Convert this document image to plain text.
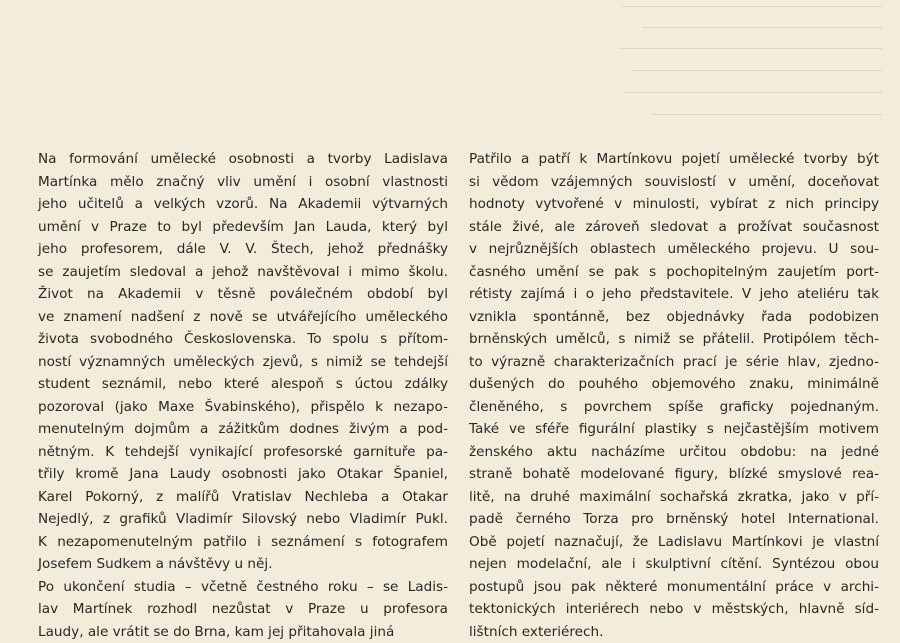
Na formování umělecké osobnosti a tvorby Ladislava
Martínka mělo značný vliv umění i osobní vlastnosti
jeho učitelů a velkých vzorů. Na Akademii výtvarných
umění v Praze to byl především Jan Lauda, který byl
jeho profesorem, dále V. V. Štech, jehož přednášky
se zaujetím sledoval a jehož navštěvoval i mimo školu.
Život na Akademii v těsně poválečném období byl
ve znamení nadšení z nově se utvářejícího uměleckého
života svobodného Československa. To spolu s přítom-
ností významných uměleckých zjevů, s nimiž se tehdejší
student seznámil, nebo které alespoň s úctou zdálky
pozoroval (jako Maxe Švabinského), přispělo k nezapo-
menutelným dojmům a zážitkům dodnes živým a pod-
nětným. K tehdejší vynikající profesorské garnituře pa-
třily kromě Jana Laudy osobnosti jako Otakar Španiel,
Karel Pokorný, z malířů Vratislav Nechleba a Otakar
Nejedlý, z grafiků Vladimír Silovský nebo Vladimír Pukl.
K nezapomenutelným patřilo i seznámení s fotografem
Josefem Sudkem a návštěvy u něj.
Po ukončení studia – včetně čestného roku – se Ladis-
lav Martínek rozhodl nezůstat v Praze u profesora
Laudy, ale vrátit se do Brna, kam jej přitahovala jiná
Patřilo a patří k Martínkovu pojetí umělecké tvorby být
si vědom vzájemných souvislostí v umění, doceňovat
hodnoty vytvořené v minulosti, vybírat z nich principy
stále živé, ale zároveň sledovat a prožívat současnost
v nejrůznějších oblastech uměleckého projevu. U sou-
časného umění se pak s pochopitelným zaujetím port-
rétisty zajímá i o jeho představitele. V jeho ateliéru tak
vznikla spontánně, bez objednávky řada podobizen
brněnských umělců, s nimiž se přátelil. Protipólem těch-
to výrazně charakterizačních prací je série hlav, zjedno-
dušených do pouhého objemového znaku, minimálně
členěného, s povrchem spíše graficky pojednaným.
Také ve sféře figurální plastiky s nejčastějším motivem
ženského aktu nacházíme určitou obdobu: na jedné
straně bohatě modelované figury, blízké smyslové rea-
litě, na druhé maximální sochařská zkratka, jako v pří-
padě černého Torza pro brněnský hotel International.
Obě pojetí naznačují, že Ladislavu Martínkovi je vlastní
nejen modelační, ale i skulptivní cítění. Syntézou obou
postupů jsou pak některé monumentální práce v archi-
tektonických interiérech nebo v městských, hlavně síd-
lištních exteriérech.
